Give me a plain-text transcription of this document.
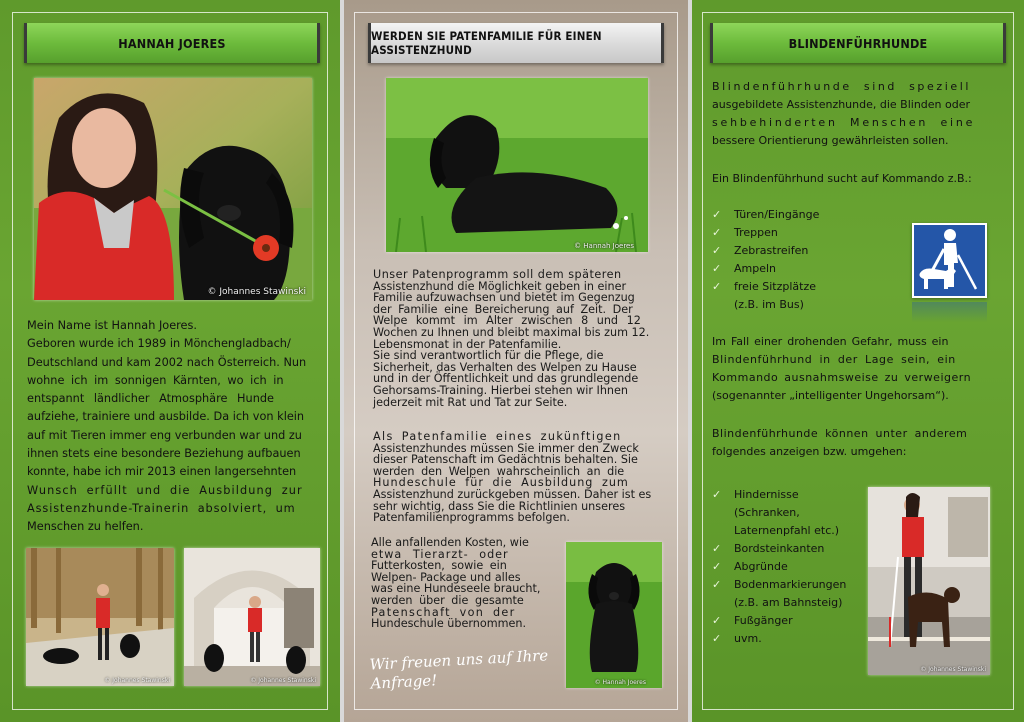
HANNAH JOERES
© Johannes Stawinski
Mein Name ist Hannah Joeres.
Geboren wurde ich 1989 in Mönchengladbach/
Deutschland und kam 2002 nach Österreich. Nun
wohne ich im sonnigen Kärnten, wo ich in
entspannt ländlicher Atmosphäre Hunde
aufziehe, trainiere und ausbilde. Da ich von klein
auf mit Tieren immer eng verbunden war und zu
ihnen stets eine besondere Beziehung aufbauen
konnte, habe ich mir 2013 einen langersehnten
Wunsch erfüllt und die Ausbildung zur
Assistenzhunde-Trainerin absolviert, um
Menschen zu helfen.
© Johannes Stawinski	© Johannes Stawinski
WERDEN SIE PATENFAMILIE FÜR EINEN ASSISTENZHUND
© Hannah Joeres
Unser Patenprogramm soll dem späteren
Assistenzhund die Möglichkeit geben in einer
Familie aufzuwachsen und bietet im Gegenzug
der Familie eine Bereicherung auf Zeit. Der
Welpe kommt im Alter zwischen 8 und 12
Wochen zu Ihnen und bleibt maximal bis zum 12.
Lebensmonat in der Patenfamilie.
Sie sind verantwortlich für die Pflege, die
Sicherheit, das Verhalten des Welpen zu Hause
und in der Öffentlichkeit und das grundlegende
Gehorsams-Training. Hierbei stehen wir Ihnen
jederzeit mit Rat und Tat zur Seite.
Als Patenfamilie eines zukünftigen
Assistenzhundes müssen Sie immer den Zweck
dieser Patenschaft im Gedächtnis behalten. Sie
werden den Welpen wahrscheinlich an die
Hundeschule für die Ausbildung zum
Assistenzhund zurückgeben müssen. Daher ist es
sehr wichtig, dass Sie die Richtlinien unseres
Patenfamilienprogramms befolgen.
Alle anfallenden Kosten, wie
etwa Tierarzt- oder
Futterkosten, sowie ein
Welpen- Package und alles
was eine Hundeseele braucht,
werden über die gesamte
Patenschaft von der
Hundeschule übernommen.
© Hannah Joeres
Wir freuen uns auf Ihre
Anfrage!
BLINDENFÜHRHUNDE
Blindenführhunde sind speziell
ausgebildete Assistenzhunde, die Blinden oder
sehbehinderten Menschen eine
bessere Orientierung gewährleisten sollen.
Ein Blindenführhund sucht auf Kommando z.B.:
✓ Türen/Eingänge
✓ Treppen
✓ Zebrastreifen
✓ Ampeln
✓ freie Sitzplätze
(z.B. im Bus)
Im Fall einer drohenden Gefahr, muss ein
Blindenführhund in der Lage sein, ein
Kommando ausnahmsweise zu verweigern
(sogenannter „intelligenter Ungehorsam“).
Blindenführhunde können unter anderem
folgendes anzeigen bzw. umgehen:
✓ Hindernisse
(Schranken,
Laternenpfahl etc.)
✓ Bordsteinkanten
✓ Abgründe
✓ Bodenmarkierungen
(z.B. am Bahnsteig)
✓ Fußgänger
✓ uvm.
© Johannes Stawinski
